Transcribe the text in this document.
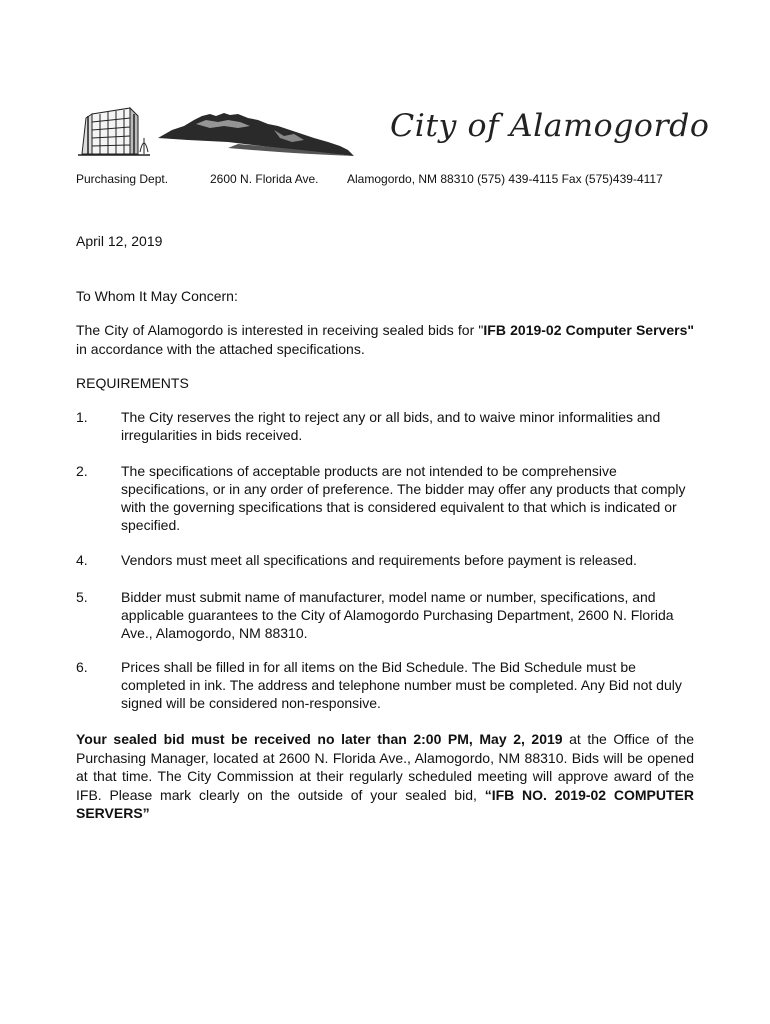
City of Alamogordo
Purchasing Dept.	2600 N. Florida Ave. Alamogordo, NM 88310 (575) 439-4115 Fax (575)439-4117
April 12, 2019
To Whom It May Concern:
The City of Alamogordo is interested in receiving sealed bids for "IFB 2019-02 Computer Servers" in accordance with the attached specifications.
REQUIREMENTS
1. The City reserves the right to reject any or all bids, and to waive minor informalities and irregularities in bids received.
2. The specifications of acceptable products are not intended to be comprehensive specifications, or in any order of preference. The bidder may offer any products that comply with the governing specifications that is considered equivalent to that which is indicated or specified.
4. Vendors must meet all specifications and requirements before payment is released.
5. Bidder must submit name of manufacturer, model name or number, specifications, and applicable guarantees to the City of Alamogordo Purchasing Department, 2600 N. Florida Ave., Alamogordo, NM 88310.
6. Prices shall be filled in for all items on the Bid Schedule. The Bid Schedule must be completed in ink. The address and telephone number must be completed. Any Bid not duly signed will be considered non-responsive.
Your sealed bid must be received no later than 2:00 PM, May 2, 2019 at the Office of the Purchasing Manager, located at 2600 N. Florida Ave., Alamogordo, NM 88310. Bids will be opened at that time. The City Commission at their regularly scheduled meeting will approve award of the IFB. Please mark clearly on the outside of your sealed bid, “IFB NO. 2019-02 COMPUTER SERVERS”
